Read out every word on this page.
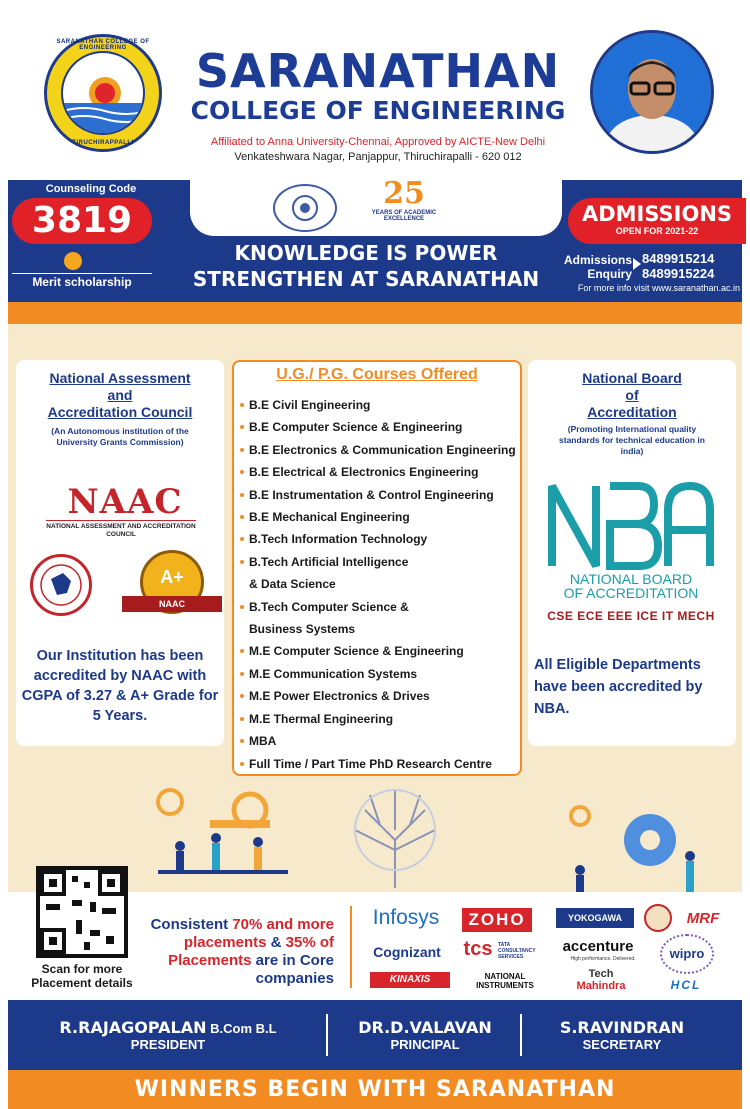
SARANATHAN COLLEGE OF ENGINEERING
TIRUCHIRAPPALLI
SARANATHAN
COLLEGE OF ENGINEERING
Affiliated to Anna University-Chennai, Approved by AICTE-New Delhi
Venkateshwara Nagar, Panjappur, Thiruchirapalli - 620 012
25
YEARS OF ACADEMIC EXCELLENCE
Counseling Code
3819
Merit scholarship
KNOWLEDGE IS POWER
STRENGTHEN AT SARANATHAN
ADMISSIONS
OPEN FOR 2021-22
Admissions
Enquiry
8489915214
8489915224
For more info visit www.saranathan.ac.in
National Assessment
and
Accreditation Council
(An Autonomous institution of the University Grants Commission)
NAAC
NATIONAL ASSESSMENT AND ACCREDITATION COUNCIL
A+
NAAC
Our Institution has been accredited by NAAC with CGPA of 3.27 & A+ Grade for 5 Years.
U.G./ P.G. Courses Offered
B.E Civil Engineering
B.E Computer Science & Engineering
B.E Electronics & Communication Engineering
B.E Electrical & Electronics Engineering
B.E Instrumentation & Control Engineering
B.E Mechanical Engineering
B.Tech Information Technology
B.Tech Artificial Intelligence
& Data Science
B.Tech Computer Science &
Business Systems
M.E Computer Science & Engineering
M.E Communication Systems
M.E Power Electronics & Drives
M.E Thermal Engineering
MBA
Full Time / Part Time PhD Research Centre
National Board
of
Accreditation
(Promoting International quality standards for technical education in india)
NATIONAL BOARD
OF ACCREDITATION
CSE ECE EEE ICE IT MECH
All Eligible Departments have been accredited by NBA.
Scan for more
Placement details
Consistent 70% and more
placements & 35% of
Placements are in Core companies
Infosys	ZOHO	YOKOGAWA	MRF
Cognizant tcs	TATA CONSULTANCY SERVICES
accenture
High performance. Delivered.	wipro
KINAXIS	NATIONAL
INSTRUMENTS
Tech
Mahindra	HCL
R.RAJAGOPALAN B.Com B.L
PRESIDENT
DR.D.VALAVAN
PRINCIPAL
S.RAVINDRAN
SECRETARY
WINNERS BEGIN WITH SARANATHAN
